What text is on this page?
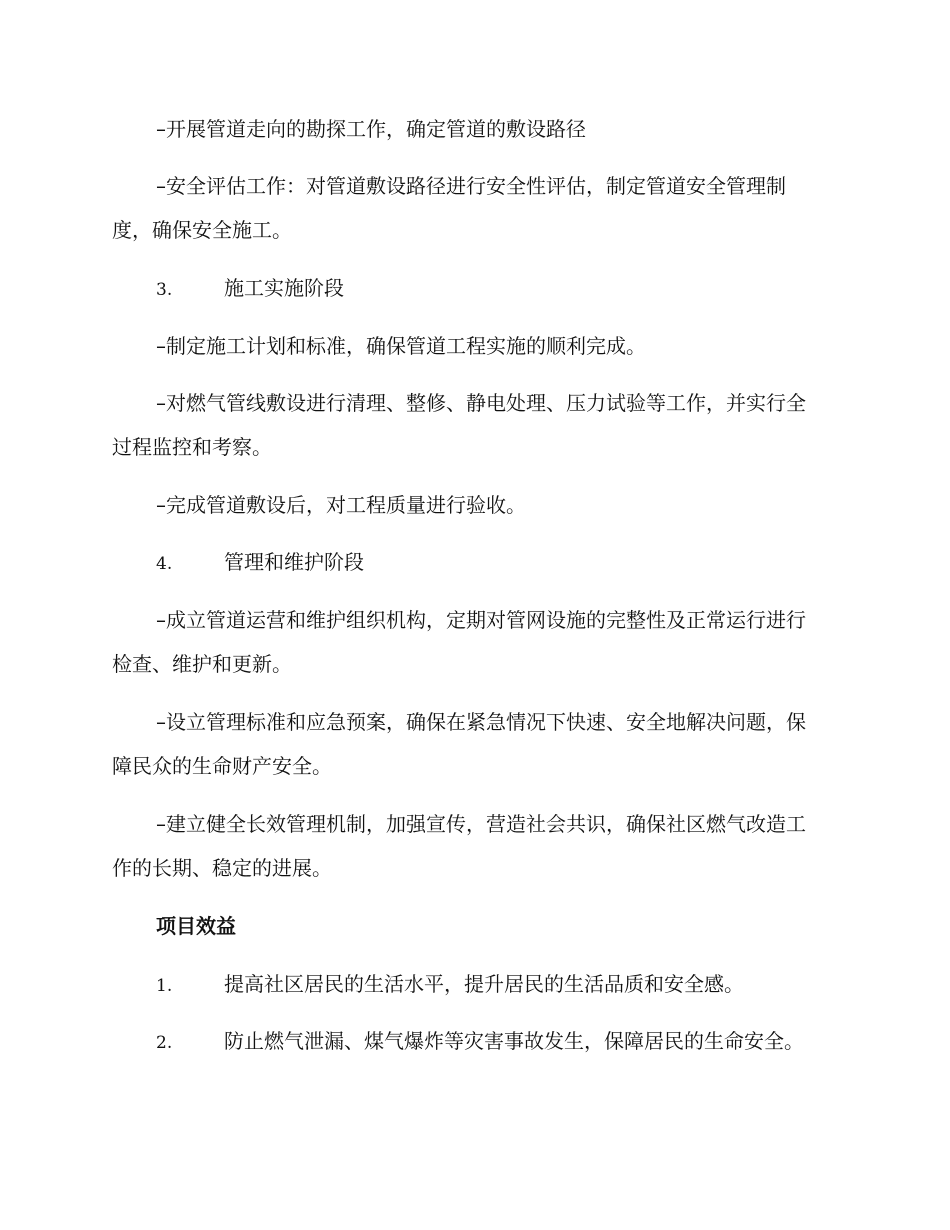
–开展管道走向的勘探工作，确定管道的敷设路径

–安全评估工作：对管道敷设路径进行安全性评估，制定管道安全管理制度，确保安全施工。

3.	施工实施阶段

–制定施工计划和标准，确保管道工程实施的顺利完成。

–对燃气管线敷设进行清理、整修、静电处理、压力试验等工作，并实行全过程监控和考察。

–完成管道敷设后，对工程质量进行验收。

4.	管理和维护阶段

–成立管道运营和维护组织机构，定期对管网设施的完整性及正常运行进行检查、维护和更新。

–设立管理标准和应急预案，确保在紧急情况下快速、安全地解决问题，保障民众的生命财产安全。

–建立健全长效管理机制，加强宣传，营造社会共识，确保社区燃气改造工作的长期、稳定的进展。

项目效益

1.	提高社区居民的生活水平，提升居民的生活品质和安全感。

2.	防止燃气泄漏、煤气爆炸等灾害事故发生，保障居民的生命安全。
